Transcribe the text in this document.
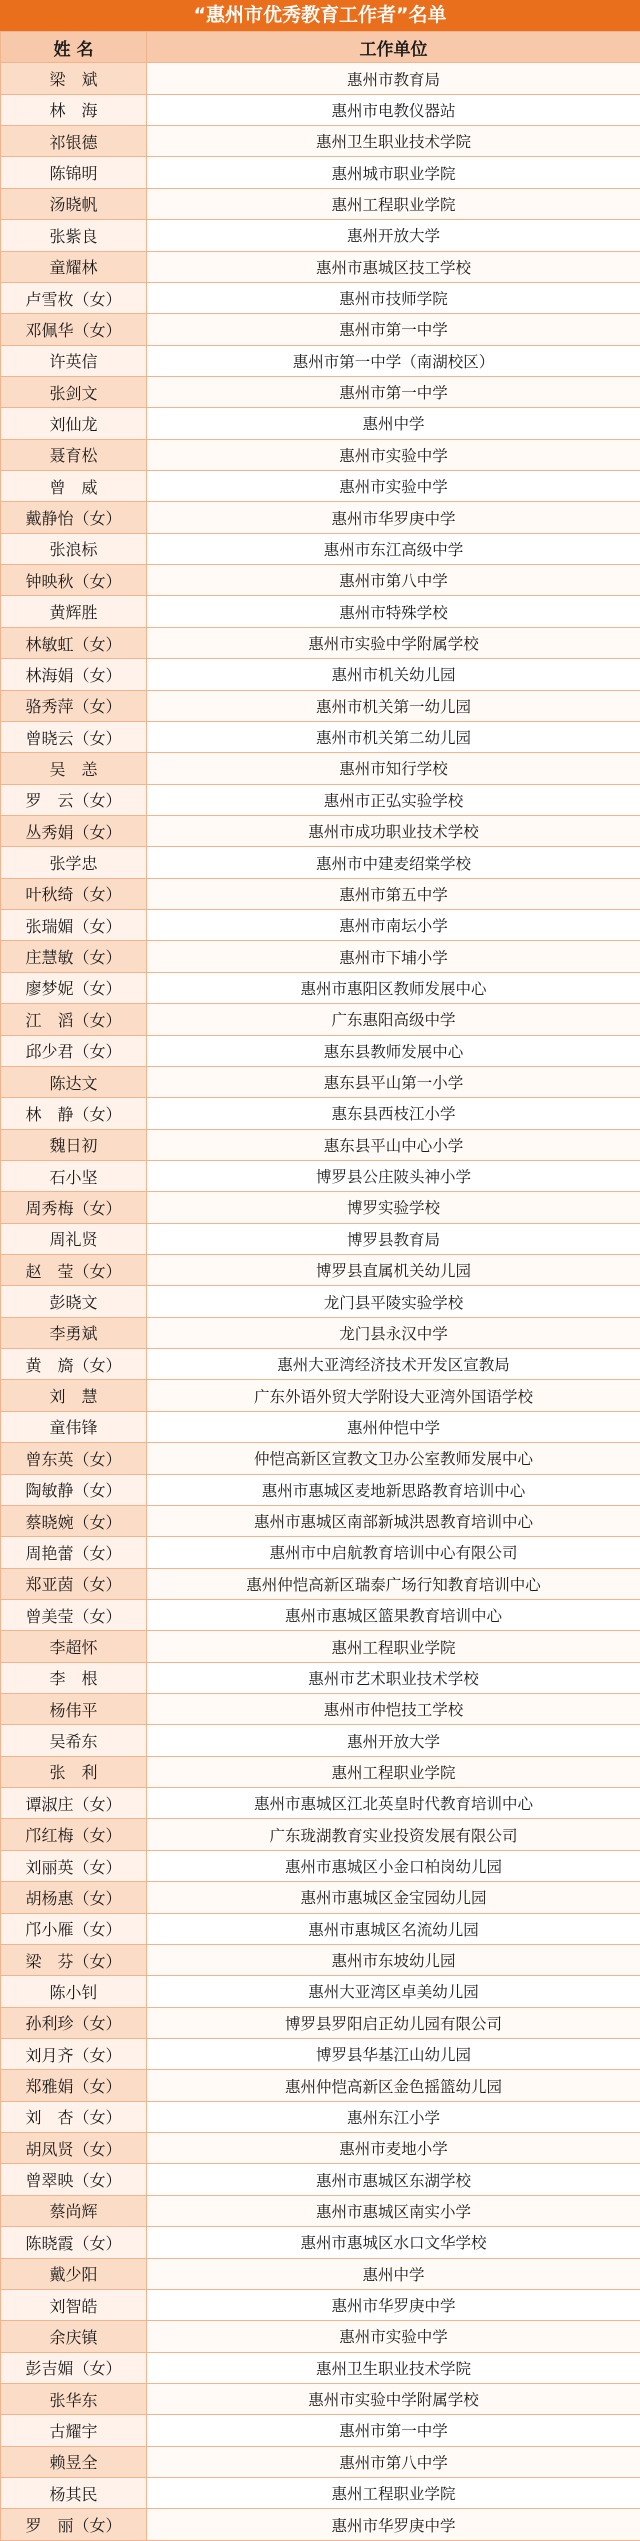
“惠州市优秀教育工作者”名单
姓 名	工作单位
梁　斌	惠州市教育局
林　海	惠州市电教仪器站
祁银德	惠州卫生职业技术学院
陈锦明	惠州城市职业学院
汤晓帆	惠州工程职业学院
张紫良	惠州开放大学
童耀林	惠州市惠城区技工学校
卢雪枚（女）	惠州市技师学院
邓佩华（女）	惠州市第一中学
许英信	惠州市第一中学（南湖校区）
张剑文	惠州市第一中学
刘仙龙	惠州中学
聂育松	惠州市实验中学
曾　威	惠州市实验中学
戴静怡（女）	惠州市华罗庚中学
张浪标	惠州市东江高级中学
钟映秋（女）	惠州市第八中学
黄辉胜	惠州市特殊学校
林敏虹（女）	惠州市实验中学附属学校
林海娟（女）	惠州市机关幼儿园
骆秀萍（女）	惠州市机关第一幼儿园
曾晓云（女）	惠州市机关第二幼儿园
吴　恙	惠州市知行学校
罗　云（女）	惠州市正弘实验学校
丛秀娟（女）	惠州市成功职业技术学校
张学忠	惠州市中建麦绍棠学校
叶秋绮（女）	惠州市第五中学
张瑞媚（女）	惠州市南坛小学
庄慧敏（女）	惠州市下埔小学
廖梦妮（女）	惠州市惠阳区教师发展中心
江　滔（女）	广东惠阳高级中学
邱少君（女）	惠东县教师发展中心
陈达文	惠东县平山第一小学
林　静（女）	惠东县西枝江小学
魏日初	惠东县平山中心小学
石小坚	博罗县公庄陂头神小学
周秀梅（女）	博罗实验学校
周礼贤	博罗县教育局
赵　莹（女）	博罗县直属机关幼儿园
彭晓文	龙门县平陵实验学校
李勇斌	龙门县永汉中学
黄　旖（女）	惠州大亚湾经济技术开发区宣教局
刘　慧	广东外语外贸大学附设大亚湾外国语学校
童伟锋	惠州仲恺中学
曾东英（女）	仲恺高新区宣教文卫办公室教师发展中心
陶敏静（女）	惠州市惠城区麦地新思路教育培训中心
蔡晓婉（女）	惠州市惠城区南部新城洪恩教育培训中心
周艳蕾（女）	惠州市中启航教育培训中心有限公司
郑亚茵（女）	惠州仲恺高新区瑞泰广场行知教育培训中心
曾美莹（女）	惠州市惠城区篮果教育培训中心
李超怀	惠州工程职业学院
李　根	惠州市艺术职业技术学校
杨伟平	惠州市仲恺技工学校
吴希东	惠州开放大学
张　利	惠州工程职业学院
谭淑庄（女）	惠州市惠城区江北英皇时代教育培训中心
邝红梅（女）	广东珑湖教育实业投资发展有限公司
刘丽英（女）	惠州市惠城区小金口柏岗幼儿园
胡杨惠（女）	惠州市惠城区金宝园幼儿园
邝小雁（女）	惠州市惠城区名流幼儿园
梁　芬（女）	惠州市东坡幼儿园
陈小钊	惠州大亚湾区卓美幼儿园
孙利珍（女）	博罗县罗阳启正幼儿园有限公司
刘月齐（女）	博罗县华基江山幼儿园
郑雅娟（女）	惠州仲恺高新区金色摇篮幼儿园
刘　杏（女）	惠州东江小学
胡凤贤（女）	惠州市麦地小学
曾翠映（女）	惠州市惠城区东湖学校
蔡尚辉	惠州市惠城区南实小学
陈晓霞（女）	惠州市惠城区水口文华学校
戴少阳	惠州中学
刘智皓	惠州市华罗庚中学
余庆镇	惠州市实验中学
彭吉媚（女）	惠州卫生职业技术学院
张华东	惠州市实验中学附属学校
古耀宇	惠州市第一中学
赖昱全	惠州市第八中学
杨其民	惠州工程职业学院
罗　丽（女）	惠州市华罗庚中学
